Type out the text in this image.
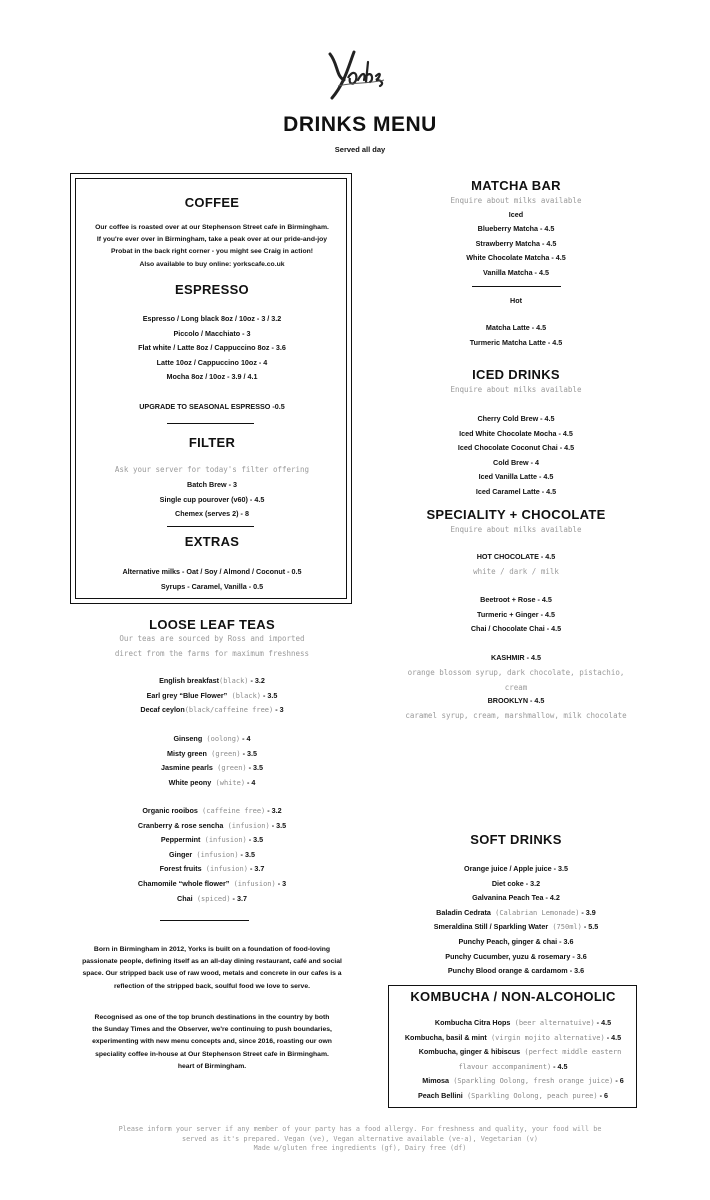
DRINKS MENU
Served all day
COFFEE
Our coffee is roasted over at our Stephenson Street cafe in Birmingham.
If you're ever over in Birmingham, take a peak over at our pride-and-joy
Probat in the back right corner - you might see Craig in action!
Also available to buy online: yorkscafe.co.uk
ESPRESSO
Espresso / Long black 8oz / 10oz - 3 / 3.2
Piccolo / Macchiato - 3
Flat white / Latte 8oz / Cappuccino 8oz - 3.6
Latte 10oz / Cappuccino 10oz - 4
Mocha 8oz / 10oz - 3.9 / 4.1
UPGRADE TO SEASONAL ESPRESSO -0.5
FILTER
Ask your server for today's filter offering
Batch Brew - 3
Single cup pourover (v60) - 4.5
Chemex (serves 2) - 8
EXTRAS
Alternative milks - Oat / Soy / Almond / Coconut - 0.5
Syrups - Caramel, Vanilla - 0.5
LOOSE LEAF TEAS
Our teas are sourced by Ross and imported
direct from the farms for maximum freshness
English breakfast(black) - 3.2
Earl grey “Blue Flower” (black) - 3.5
Decaf ceylon(black/caffeine free) - 3
Ginseng (oolong) - 4
Misty green (green) - 3.5
Jasmine pearls (green) - 3.5
White peony (white) - 4
Organic rooibos (caffeine free) - 3.2
Cranberry & rose sencha (infusion) - 3.5
Peppermint (infusion) - 3.5
Ginger (infusion) - 3.5
Forest fruits (infusion) - 3.7
Chamomile “whole flower” (infusion) - 3
Chai (spiced) - 3.7
Born in Birmingham in 2012, Yorks is built on a foundation of food-loving
passionate people, defining itself as an all-day dining restaurant, café and social
space. Our stripped back use of raw wood, metals and concrete in our cafes is a
reflection of the stripped back, soulful food we love to serve.
Recognised as one of the top brunch destinations in the country by both
the Sunday Times and the Observer, we're continuing to push boundaries,
experimenting with new menu concepts and, since 2016, roasting our own
speciality coffee in-house at Our Stephenson Street cafe in Birmingham.
heart of Birmingham.
MATCHA BAR
Enquire about milks available
Iced
Blueberry Matcha - 4.5
Strawberry Matcha - 4.5
White Chocolate Matcha - 4.5
Vanilla Matcha - 4.5
Hot
Matcha Latte - 4.5
Turmeric Matcha Latte - 4.5
ICED DRINKS
Enquire about milks available
Cherry Cold Brew - 4.5
Iced White Chocolate Mocha - 4.5
Iced Chocolate Coconut Chai - 4.5
Cold Brew - 4
Iced Vanilla Latte - 4.5
Iced Caramel Latte - 4.5
SPECIALITY + CHOCOLATE
Enquire about milks available
HOT CHOCOLATE - 4.5
white / dark / milk
Beetroot + Rose - 4.5
Turmeric + Ginger - 4.5
Chai / Chocolate Chai - 4.5
KASHMIR - 4.5
orange blossom syrup, dark chocolate, pistachio,
cream
BROOKLYN - 4.5
caramel syrup, cream, marshmallow, milk chocolate
SOFT DRINKS
Orange juice / Apple juice - 3.5
Diet coke - 3.2
Galvanina Peach Tea - 4.2
Baladin Cedrata (Calabrian Lemonade) - 3.9
Smeraldina Still / Sparkling Water (750ml) - 5.5
Punchy Peach, ginger & chai - 3.6
Punchy Cucumber, yuzu & rosemary - 3.6
Punchy Blood orange & cardamom - 3.6
KOMBUCHA / NON-ALCOHOLIC
Kombucha Citra Hops (beer alternatuive) - 4.5
Kombucha, basil & mint (virgin mojito alternative) - 4.5
Kombucha, ginger & hibiscus (perfect middle eastern
flavour accompaniment) - 4.5
Mimosa (Sparkling Oolong, fresh orange juice) - 6
Peach Bellini (Sparkling Oolong, peach puree) - 6
Please inform your server if any member of your party has a food allergy. For freshness and quality, your food will be
served as it's prepared. Vegan (ve), Vegan alternative available (ve-a), Vegetarian (v)
Made w/gluten free ingredients (gf), Dairy free (df)
